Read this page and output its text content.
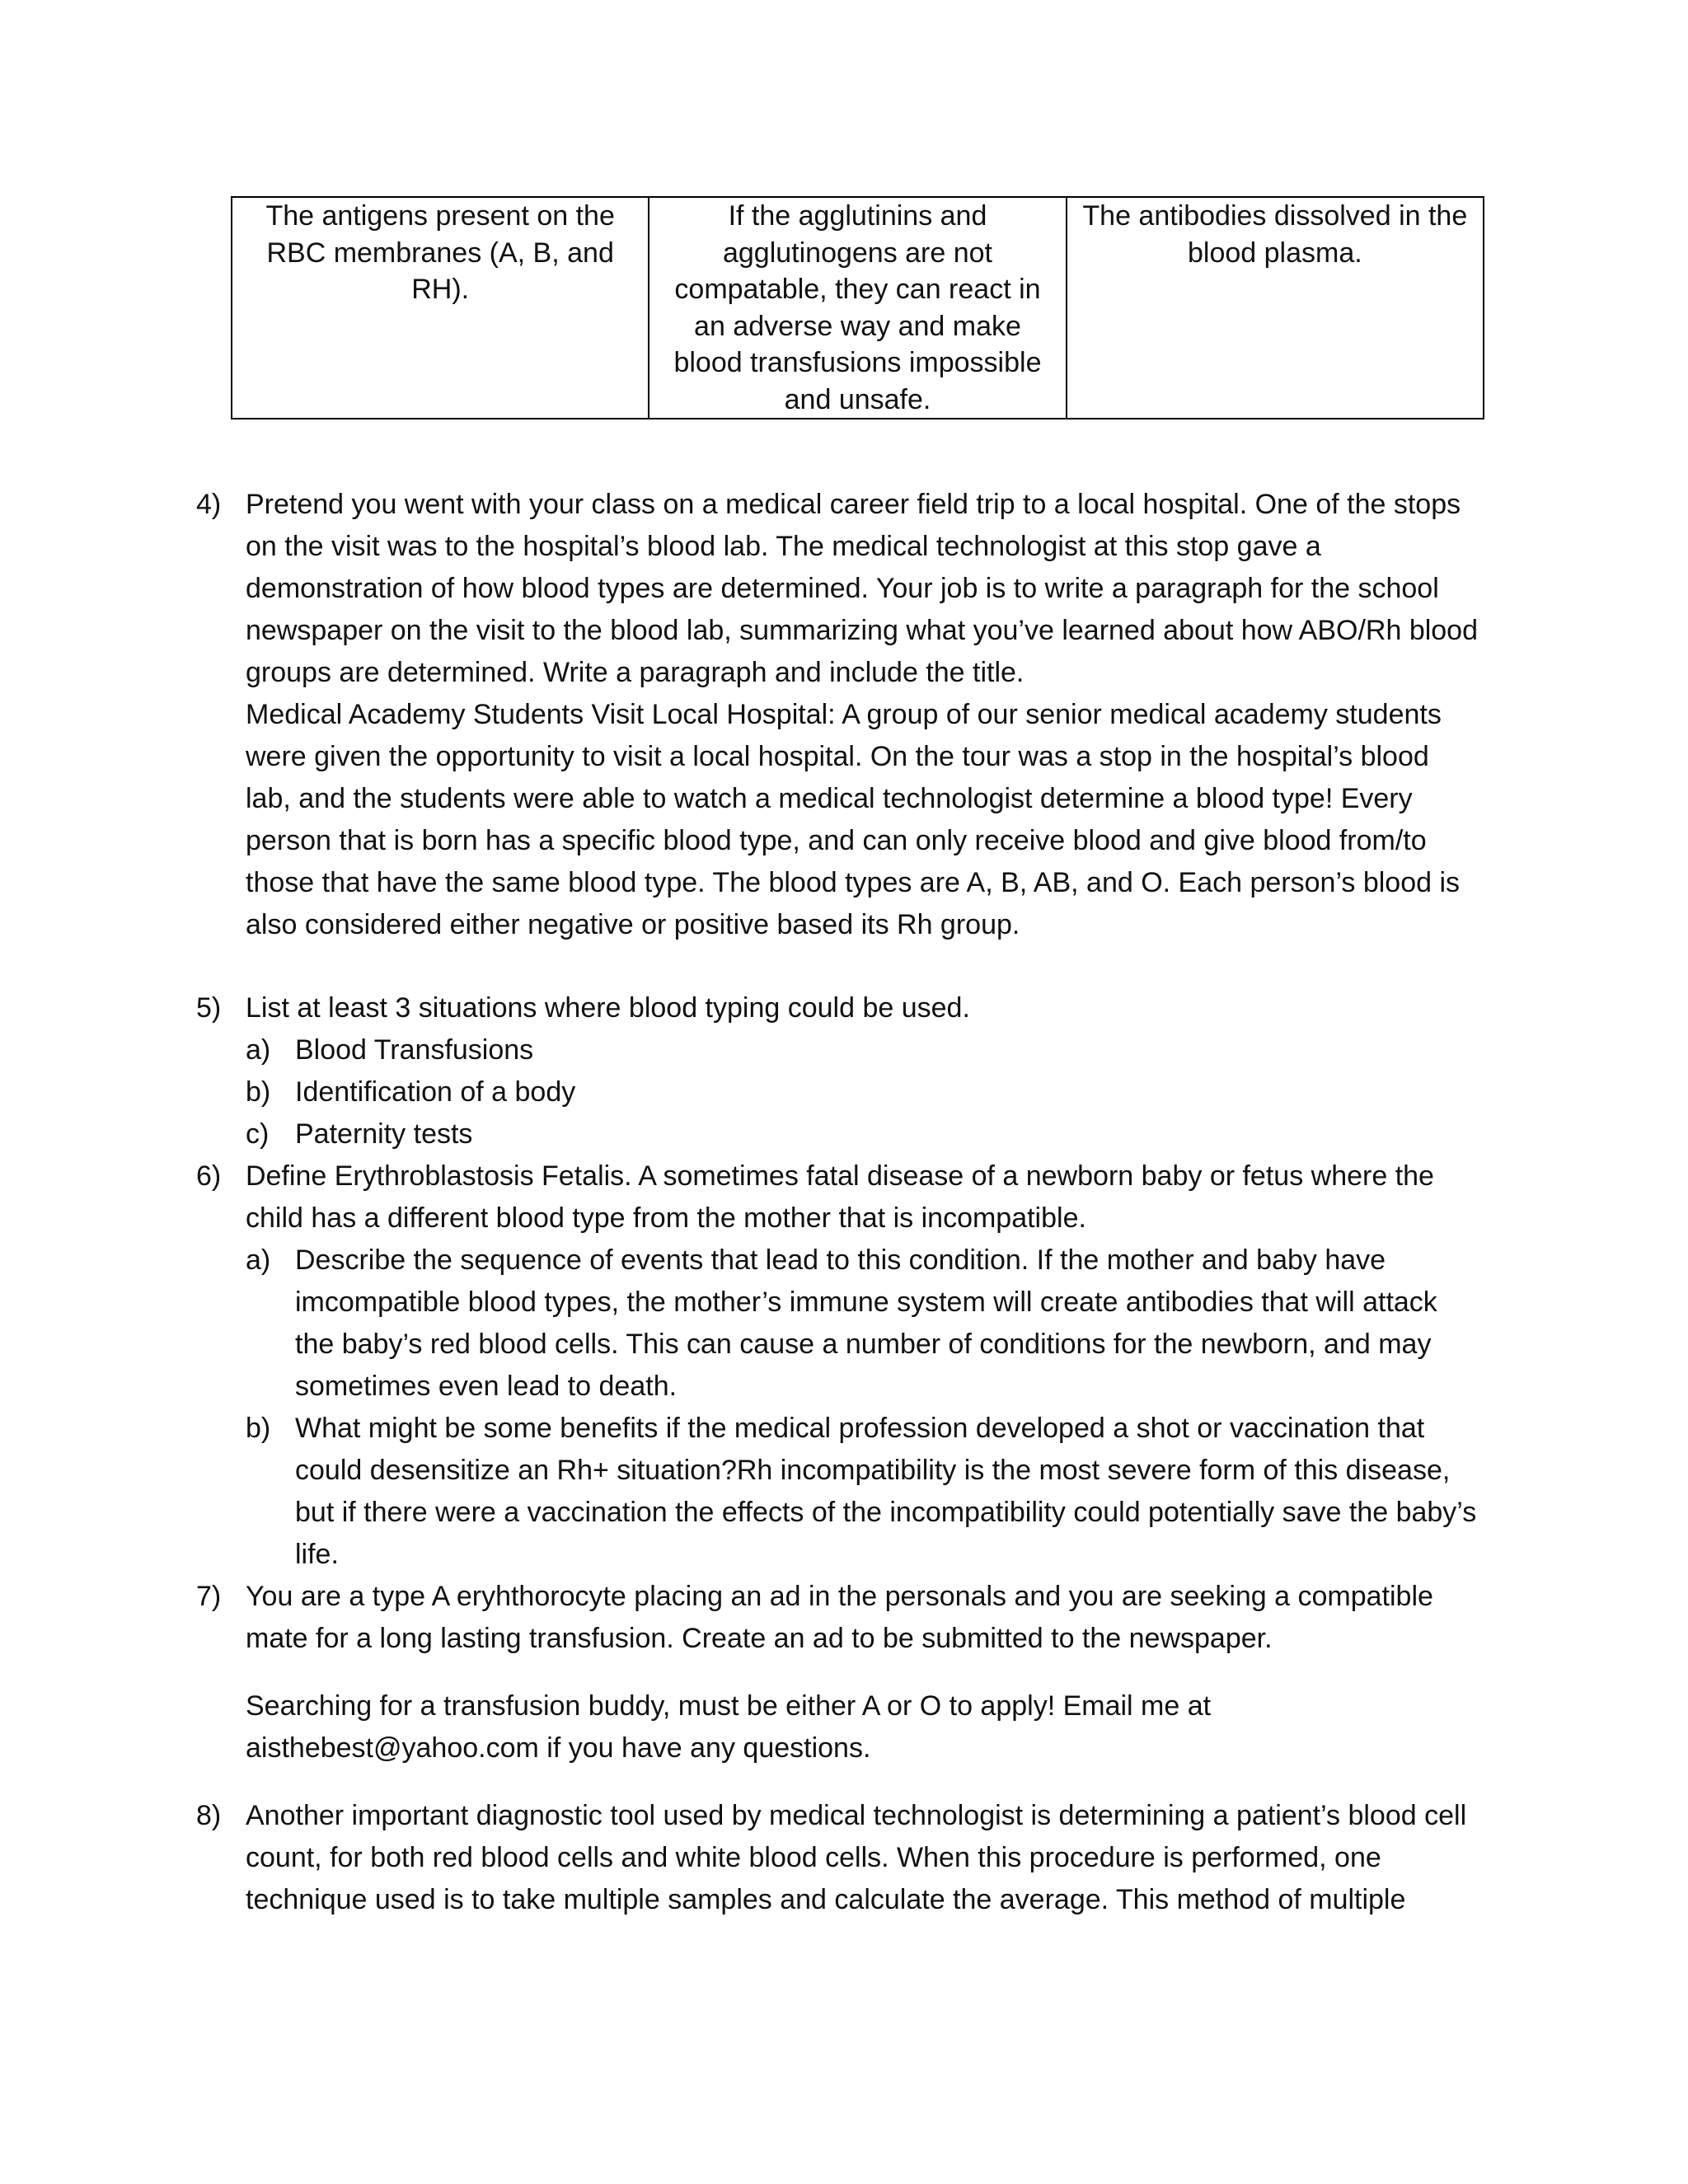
The antigens present on the RBC membranes (A, B, and RH).	If the agglutinins and agglutinogens are not compatable, they can react in an adverse way and make blood transfusions impossible and unsafe.	The antibodies dissolved in the blood plasma.
4) Pretend you went with your class on a medical career field trip to a local hospital. One of the stops on the visit was to the hospital’s blood lab. The medical technologist at this stop gave a demonstration of how blood types are determined. Your job is to write a paragraph for the school newspaper on the visit to the blood lab, summarizing what you’ve learned about how ABO/Rh blood groups are determined. Write a paragraph and include the title.
Medical Academy Students Visit Local Hospital: A group of our senior medical academy students were given the opportunity to visit a local hospital. On the tour was a stop in the hospital’s blood lab, and the students were able to watch a medical technologist determine a blood type! Every person that is born has a specific blood type, and can only receive blood and give blood from/to those that have the same blood type. The blood types are A, B, AB, and O. Each person’s blood is also considered either negative or positive based its Rh group.
5) List at least 3 situations where blood typing could be used.
a) Blood Transfusions
b) Identification of a body
c) Paternity tests
6) Define Erythroblastosis Fetalis. A sometimes fatal disease of a newborn baby or fetus where the child has a different blood type from the mother that is incompatible.
a) Describe the sequence of events that lead to this condition. If the mother and baby have imcompatible blood types, the mother’s immune system will create antibodies that will attack the baby’s red blood cells. This can cause a number of conditions for the newborn, and may sometimes even lead to death.
b) What might be some benefits if the medical profession developed a shot or vaccination that could desensitize an Rh+ situation?Rh incompatibility is the most severe form of this disease, but if there were a vaccination the effects of the incompatibility could potentially save the baby’s life.
7) You are a type A eryhthorocyte placing an ad in the personals and you are seeking a compatible mate for a long lasting transfusion. Create an ad to be submitted to the newspaper.
Searching for a transfusion buddy, must be either A or O to apply! Email me at aisthebest@yahoo.com if you have any questions.
8) Another important diagnostic tool used by medical technologist is determining a patient’s blood cell count, for both red blood cells and white blood cells. When this procedure is performed, one technique used is to take multiple samples and calculate the average. This method of multiple
